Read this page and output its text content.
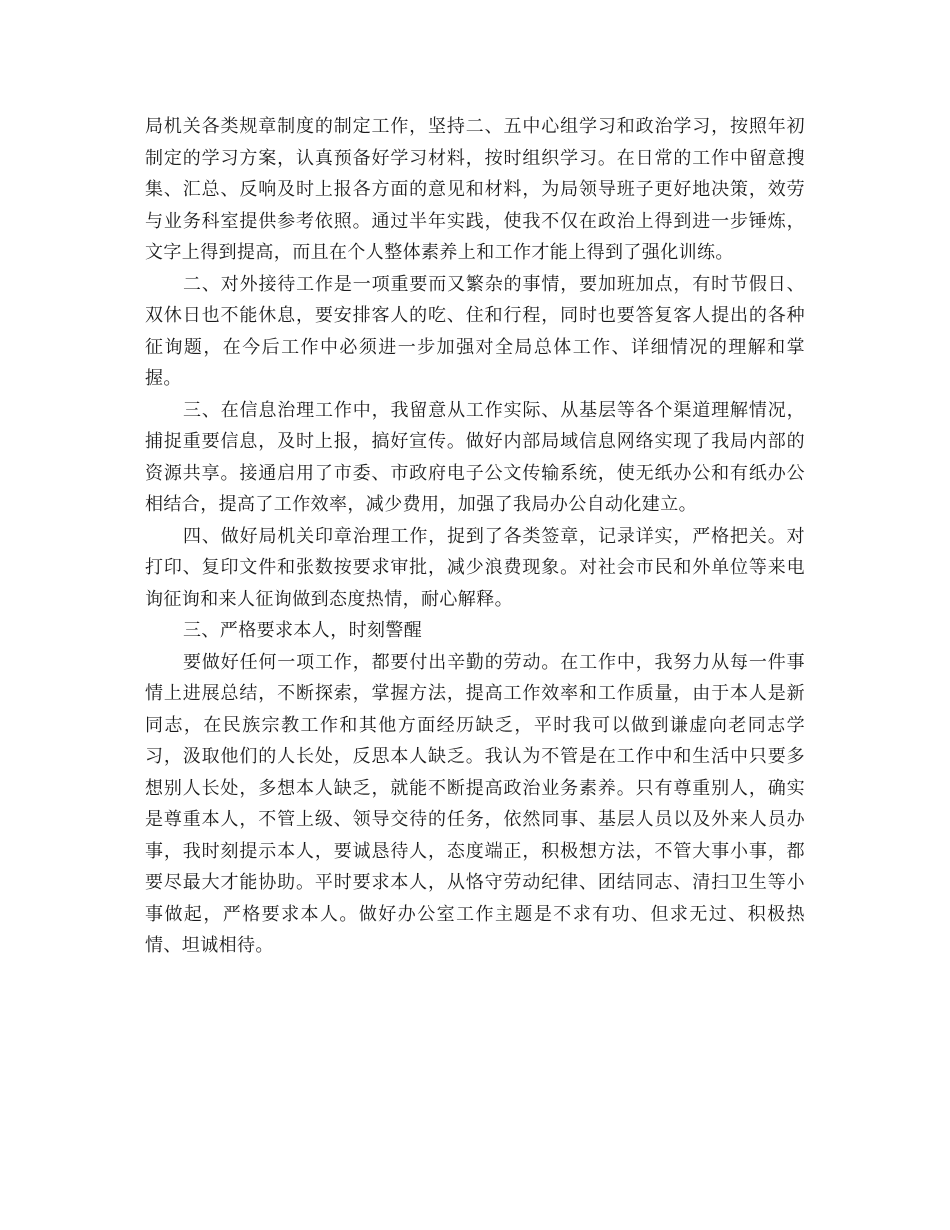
局机关各类规章制度的制定工作，坚持二、五中心组学习和政治学习，按照年初制定的学习方案，认真预备好学习材料，按时组织学习。在日常的工作中留意搜集、汇总、反响及时上报各方面的意见和材料，为局领导班子更好地决策，效劳与业务科室提供参考依照。通过半年实践，使我不仅在政治上得到进一步锤炼，文字上得到提高，而且在个人整体素养上和工作才能上得到了强化训练。

二、对外接待工作是一项重要而又繁杂的事情，要加班加点，有时节假日、双休日也不能休息，要安排客人的吃、住和行程，同时也要答复客人提出的各种征询题，在今后工作中必须进一步加强对全局总体工作、详细情况的理解和掌握。

三、在信息治理工作中，我留意从工作实际、从基层等各个渠道理解情况，捕捉重要信息，及时上报，搞好宣传。做好内部局域信息网络实现了我局内部的资源共享。接通启用了市委、市政府电子公文传输系统，使无纸办公和有纸办公相结合，提高了工作效率，减少费用，加强了我局办公自动化建立。

四、做好局机关印章治理工作，捉到了各类签章，记录详实，严格把关。对打印、复印文件和张数按要求审批，减少浪费现象。对社会市民和外单位等来电询征询和来人征询做到态度热情，耐心解释。

三、严格要求本人，时刻警醒

要做好任何一项工作，都要付出辛勤的劳动。在工作中，我努力从每一件事情上进展总结，不断探索，掌握方法，提高工作效率和工作质量，由于本人是新同志，在民族宗教工作和其他方面经历缺乏，平时我可以做到谦虚向老同志学习，汲取他们的人长处，反思本人缺乏。我认为不管是在工作中和生活中只要多想别人长处，多想本人缺乏，就能不断提高政治业务素养。只有尊重别人，确实是尊重本人，不管上级、领导交待的任务，依然同事、基层人员以及外来人员办事，我时刻提示本人，要诚恳待人，态度端正，积极想方法，不管大事小事，都要尽最大才能协助。平时要求本人，从恪守劳动纪律、团结同志、清扫卫生等小事做起，严格要求本人。做好办公室工作主题是不求有功、但求无过、积极热情、坦诚相待。
